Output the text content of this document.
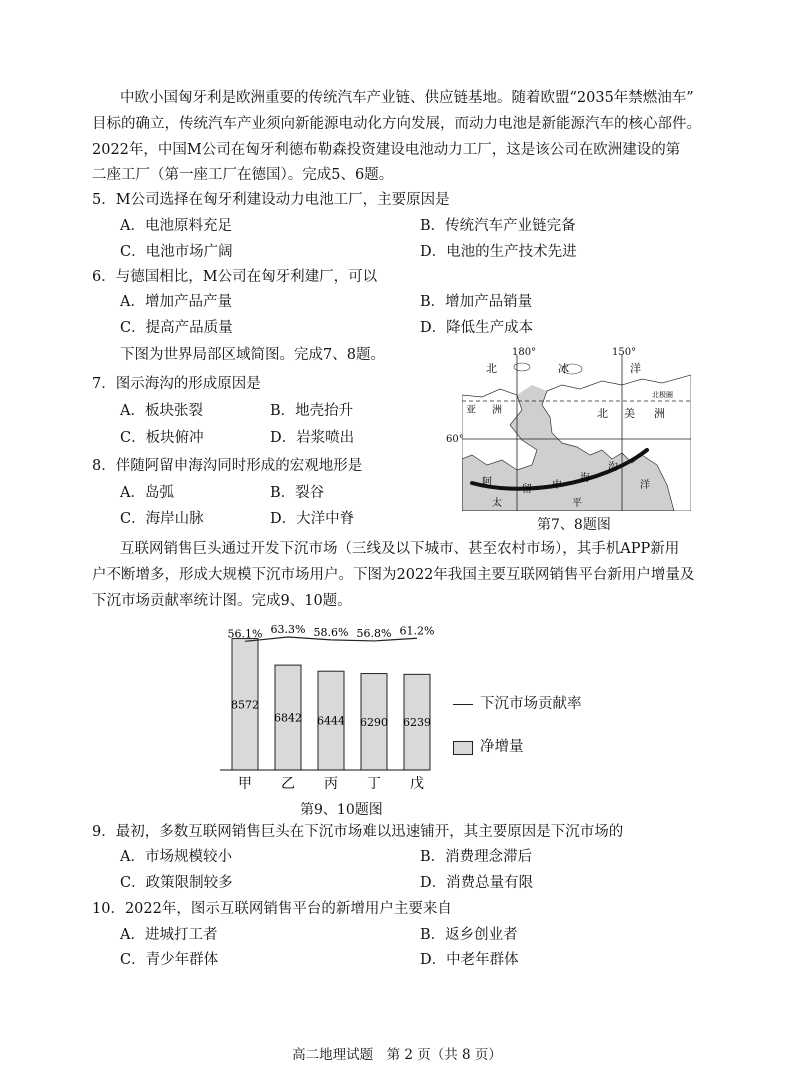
中欧小国匈牙利是欧洲重要的传统汽车产业链、供应链基地。随着欧盟“2035年禁燃油车”
目标的确立，传统汽车产业须向新能源电动化方向发展，而动力电池是新能源汽车的核心部件。
2022年，中国M公司在匈牙利德布勒森投资建设电池动力工厂，这是该公司在欧洲建设的第
二座工厂（第一座工厂在德国）。完成5、6题。
5．M公司选择在匈牙利建设动力电池工厂，主要原因是
A．电池原料充足	B．传统汽车产业链完备
C．电池市场广阔	D．电池的生产技术先进
6．与德国相比，M公司在匈牙利建厂，可以
A．增加产品产量	B．增加产品销量
C．提高产品质量	D．降低生产成本
下图为世界局部区域简图。完成7、8题。
7．图示海沟的形成原因是
A．板块张裂	B．地壳抬升
C．板块俯冲	D．岩浆喷出
8．伴随阿留申海沟同时形成的宏观地形是
A．岛弧	B．裂谷
C．海岸山脉	D．大洋中脊
北	冰	洋
北极圈
亚 洲	北 美 洲
阿
留 申
海
沟
太	平
洋
180°	150°
60°
第7、8题图
互联网销售巨头通过开发下沉市场（三线及以下城市、甚至农村市场），其手机APP新用
户不断增多，形成大规模下沉市场用户。下图为2022年我国主要互联网销售平台新用户增量及
下沉市场贡献率统计图。完成9、10题。
8572
甲
56.1%
6842
乙
63.3%
6444
丙
58.6%
6290
丁
56.8%
6239
戊
61.2%
下沉市场贡献率
净增量
第9、10题图
9．最初，多数互联网销售巨头在下沉市场难以迅速铺开，其主要原因是下沉市场的
A．市场规模较小	B．消费理念滞后
C．政策限制较多	D．消费总量有限
10．2022年，图示互联网销售平台的新增用户主要来自
A．进城打工者	B．返乡创业者
C．青少年群体	D．中老年群体
高二地理试题　第 2 页（共 8 页）
